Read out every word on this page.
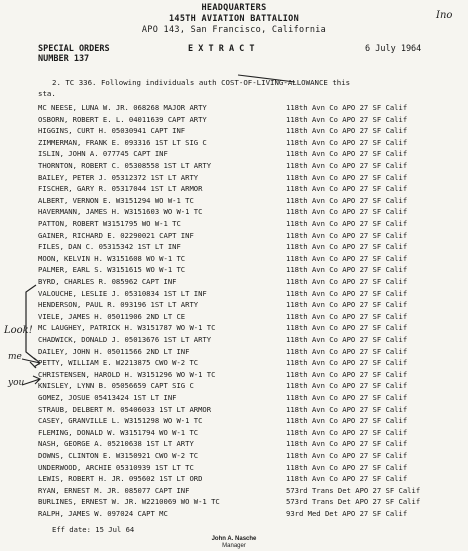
Ino
HEADQUARTERS
145TH AVIATION BATTALION
APO 143, San Francisco, California
SPECIAL ORDERS
NUMBER 137
E X T R A C T	6 July 1964
2. TC 336. Following individuals auth COST-OF-LIVING-ALLOWANCE this
sta.
MC NEESE, LUNA W. JR. 068268 MAJOR ARTY	118th Avn Co APO 27 SF Calif
OSBORN, ROBERT E. L. 04011639 CAPT ARTY	118th Avn Co APO 27 SF Calif
HIGGINS, CURT H. 05030941 CAPT INF	118th Avn Co APO 27 SF Calif
ZIMMERMAN, FRANK E. 093316 1ST LT SIG C	118th Avn Co APO 27 SF Calif
ISLIN, JOHN A. 077745 CAPT INF	118th Avn Co APO 27 SF Calif
THORNTON, ROBERT C. 05308558 1ST LT ARTY	118th Avn Co APO 27 SF Calif
BAILEY, PETER J. 05312372 1ST LT ARTY	118th Avn Co APO 27 SF Calif
FISCHER, GARY R. 05317044 1ST LT ARMOR	118th Avn Co APO 27 SF Calif
ALBERT, VERNON E. W3151294 WO W-1 TC	118th Avn Co APO 27 SF Calif
HAVERMANN, JAMES H. W3151603 WO W-1 TC	118th Avn Co APO 27 SF Calif
PATTON, ROBERT W3151795 WO W-1 TC	118th Avn Co APO 27 SF Calif
GAINER, RICHARD E. 02290021 CAPT INF	118th Avn Co APO 27 SF Calif
FILES, DAN C. 05315342 1ST LT INF	118th Avn Co APO 27 SF Calif
MOON, KELVIN H. W3151608 WO W-1 TC	118th Avn Co APO 27 SF Calif
PALMER, EARL S. W3151615 WO W-1 TC	118th Avn Co APO 27 SF Calif
BYRD, CHARLES R. 085962 CAPT INF	118th Avn Co APO 27 SF Calif
VALOUCHE, LESLIE J. 05310834 1ST LT INF	118th Avn Co APO 27 SF Calif
HENDERSON, PAUL R. 093196 1ST LT ARTY	118th Avn Co APO 27 SF Calif
VIELE, JAMES H. 05011906 2ND LT CE	118th Avn Co APO 27 SF Calif
MC LAUGHEY, PATRICK H. W3151787 WO W-1 TC	118th Avn Co APO 27 SF Calif
CHADWICK, DONALD J. 05013676 1ST LT ARTY	118th Avn Co APO 27 SF Calif
DAILEY, JOHN H. 05011566 2ND LT INF	118th Avn Co APO 27 SF Calif
PETTY, WILLIAM E. W2213875 CWO W-2 TC	118th Avn Co APO 27 SF Calif
CHRISTENSEN, HAROLD H. W3151296 WO W-1 TC	118th Avn Co APO 27 SF Calif
KNISLEY, LYNN B. 05056659 CAPT SIG C	118th Avn Co APO 27 SF Calif
GOMEZ, JOSUE 05413424 1ST LT INF	118th Avn Co APO 27 SF Calif
STRAUB, DELBERT M. 05406033 1ST LT ARMOR	118th Avn Co APO 27 SF Calif
CASEY, GRANVILLE L. W3151298 WO W-1 TC	118th Avn Co APO 27 SF Calif
FLEMING, DONALD W. W3151794 WO W-1 TC	118th Avn Co APO 27 SF Calif
NASH, GEORGE A. 05210638 1ST LT ARTY	118th Avn Co APO 27 SF Calif
DOWNS, CLINTON E. W3150921 CWO W-2 TC	118th Avn Co APO 27 SF Calif
UNDERWOOD, ARCHIE 05310939 1ST LT TC	118th Avn Co APO 27 SF Calif
LEWIS, ROBERT H. JR. 095602 1ST LT ORD	118th Avn Co APO 27 SF Calif
RYAN, ERNEST M. JR. 085077 CAPT INF	573rd Trans Det APO 27 SF Calif
BURLINES, ERNEST W. JR. W2210069 WO W-1 TC	573rd Trans Det APO 27 SF Calif
RALPH, JAMES W. 097024 CAPT MC	93rd Med Det APO 27 SF Calif
Eff date: 15 Jul 64
Look!
me
you
John A. Nasche
Manager
